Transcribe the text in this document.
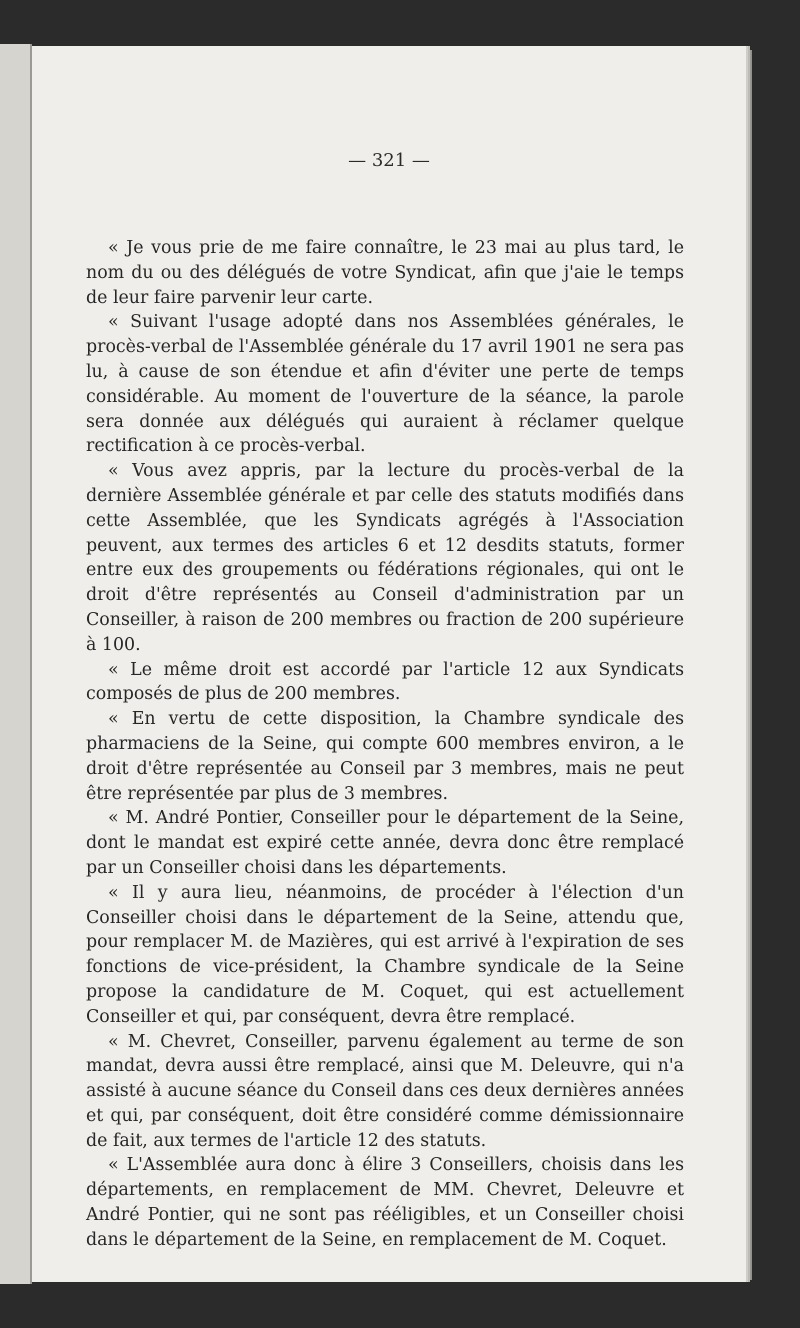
— 321 —

« Je vous prie de me faire connaître, le 23 mai au plus tard, le nom du ou des délégués de votre Syndicat, afin que j'aie le temps de leur faire parvenir leur carte.

« Suivant l'usage adopté dans nos Assemblées générales, le procès-verbal de l'Assemblée générale du 17 avril 1901 ne sera pas lu, à cause de son étendue et afin d'éviter une perte de temps considérable. Au moment de l'ouverture de la séance, la parole sera donnée aux délégués qui auraient à réclamer quelque rectification à ce procès-verbal.

« Vous avez appris, par la lecture du procès-verbal de la dernière Assemblée générale et par celle des statuts modifiés dans cette Assemblée, que les Syndicats agrégés à l'Association peuvent, aux termes des articles 6 et 12 desdits statuts, former entre eux des groupements ou fédérations régionales, qui ont le droit d'être représentés au Conseil d'administration par un Conseiller, à raison de 200 membres ou fraction de 200 supérieure à 100.

« Le même droit est accordé par l'article 12 aux Syndicats composés de plus de 200 membres.

« En vertu de cette disposition, la Chambre syndicale des pharmaciens de la Seine, qui compte 600 membres environ, a le droit d'être représentée au Conseil par 3 membres, mais ne peut être représentée par plus de 3 membres.

« M. André Pontier, Conseiller pour le département de la Seine, dont le mandat est expiré cette année, devra donc être remplacé par un Conseiller choisi dans les départements.

« Il y aura lieu, néanmoins, de procéder à l'élection d'un Conseiller choisi dans le département de la Seine, attendu que, pour remplacer M. de Mazières, qui est arrivé à l'expiration de ses fonctions de vice-président, la Chambre syndicale de la Seine propose la candidature de M. Coquet, qui est actuellement Conseiller et qui, par conséquent, devra être remplacé.

« M. Chevret, Conseiller, parvenu également au terme de son mandat, devra aussi être remplacé, ainsi que M. Deleuvre, qui n'a assisté à aucune séance du Conseil dans ces deux dernières années et qui, par conséquent, doit être considéré comme démissionnaire de fait, aux termes de l'article 12 des statuts.

« L'Assemblée aura donc à élire 3 Conseillers, choisis dans les départements, en remplacement de MM. Chevret, Deleuvre et André Pontier, qui ne sont pas rééligibles, et un Conseiller choisi dans le département de la Seine, en remplacement de M. Coquet.
